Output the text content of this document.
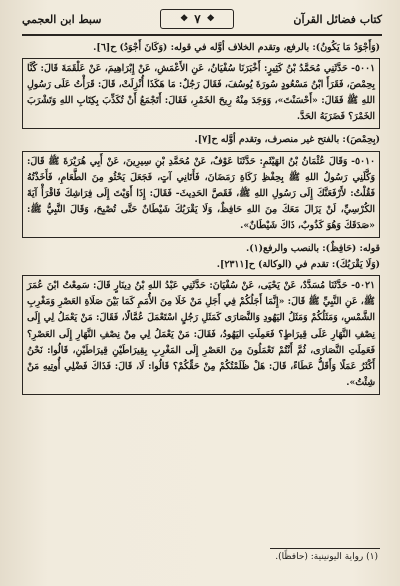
كتاب فضائل القرآن
❖
٧
❖
سبط ابن العجمي

(وَأَجْوَدُ مَا يَكُونُ): بالرفع، وتقدم الخلاف أوَّله في قوله: (وَكَانَ أَجْوَدُ) ح[٦].

٥٠٠١- حَدَّثَنِي مُحَمَّدُ بْنُ كَثِيرٍ: أَخْبَرَنَا سُفْيَانُ، عَنِ الأَعْمَشِ، عَنْ إِبْرَاهِيمَ، عَنْ عَلْقَمَةَ قَالَ: كُنَّا بِحِمْصَ، فَقَرَأَ ابْنُ مَسْعُودٍ سُورَةَ يُوسُفَ، فَقَالَ رَجُلٌ: مَا هَكَذَا أُنْزِلَتْ، قَالَ: قَرَأْتُ عَلَى رَسُولِ اللهِ ﷺ فَقَالَ: «أَحْسَنْتَ»، وَوَجَدَ مِنْهُ رِيحَ الخَمْرِ، فَقَالَ: أَتَجْمَعُ أَنْ تُكَذِّبَ بِكِتَابِ اللهِ وَتَشْرَبَ الخَمْرَ؟ فَضَرَبَهُ الحَدَّ.

(بِحِمْصَ): بالفتح غير منصرف، وتقدم أوَّله ح[٧].

٥٠١٠- وَقَالَ عُثْمَانُ بْنُ الهَيْثَمِ: حَدَّثَنَا عَوْفٌ، عَنْ مُحَمَّدِ بْنِ سِيرِينَ، عَنْ أَبِي هُرَيْرَةَ ﷺ قَالَ: وَكَّلَنِي رَسُولُ اللهِ ﷺ بِحِفْظِ زَكَاةِ رَمَضَانَ، فَأَتَانِي آتٍ، فَجَعَلَ يَحْثُو مِنَ الطَّعَامِ، فَأَخَذْتُهُ فَقُلْتُ: لأَرْفَعَنَّكَ إِلَى رَسُولِ اللهِ ﷺ، فَقَصَّ الحَدِيثَ- فَقَالَ: إِذَا أَوَيْتَ إِلَى فِرَاشِكَ فَاقْرَأْ آيَةَ الكُرْسِيِّ، لَنْ يَزَالَ مَعَكَ مِنَ اللهِ حَافِظٌ، وَلَا يَقْرَبُكَ شَيْطَانٌ حَتَّى تُصْبِحَ، وَقَالَ النَّبِيُّ ﷺ: «صَدَقَكَ وَهُوَ كَذُوبٌ، ذَاكَ شَيْطَانٌ».

قوله: (حَافِظٌ): بالنصب والرفع(١).

(وَلَا يَقْرَبُكَ): تقدم في (الوكالة) ح[٢٣١١].

٥٠٢١- حَدَّثَنَا مُسَدَّدٌ، عَنْ يَحْيَى، عَنْ سُفْيَانَ: حَدَّثَنِي عَبْدُ اللهِ بْنُ دِينَارٍ قَالَ: سَمِعْتُ ابْنَ عُمَرَ ﷺ، عَنِ النَّبِيِّ ﷺ قَالَ: «إِنَّمَا أَجَلُكُمْ فِي أَجَلِ مَنْ خَلَا مِنَ الأُمَمِ كَمَا بَيْنَ صَلَاةِ العَصْرِ وَمَغْرِبِ الشَّمْسِ، وَمَثَلُكُمْ وَمَثَلُ اليَهُودِ وَالنَّصَارَى كَمَثَلِ رَجُلٍ اسْتَعْمَلَ عُمَّالًا، فَقَالَ: مَنْ يَعْمَلُ لِي إِلَى نِصْفِ النَّهَارِ عَلَى قِيرَاطٍ؟ فَعَمِلَتِ اليَهُودُ، فَقَالَ: مَنْ يَعْمَلُ لِي مِنْ نِصْفِ النَّهَارِ إِلَى العَصْرِ؟ فَعَمِلَتِ النَّصَارَى، ثُمَّ أَنْتُمْ تَعْمَلُونَ مِنَ العَصْرِ إِلَى المَغْرِبِ بِقِيرَاطَيْنِ قِيرَاطَيْنِ، قَالُوا: نَحْنُ أَكْثَرُ عَمَلًا وَأَقَلُّ عَطَاءً، قَالَ: هَلْ ظَلَمْتُكُمْ مِنْ حَقِّكُمْ؟ قَالُوا: لَا، قَالَ: فَذَاكَ فَضْلِي أُوتِيهِ مَنْ شِئْتُ».

(١) رواية اليونينية: (حافظًا).
